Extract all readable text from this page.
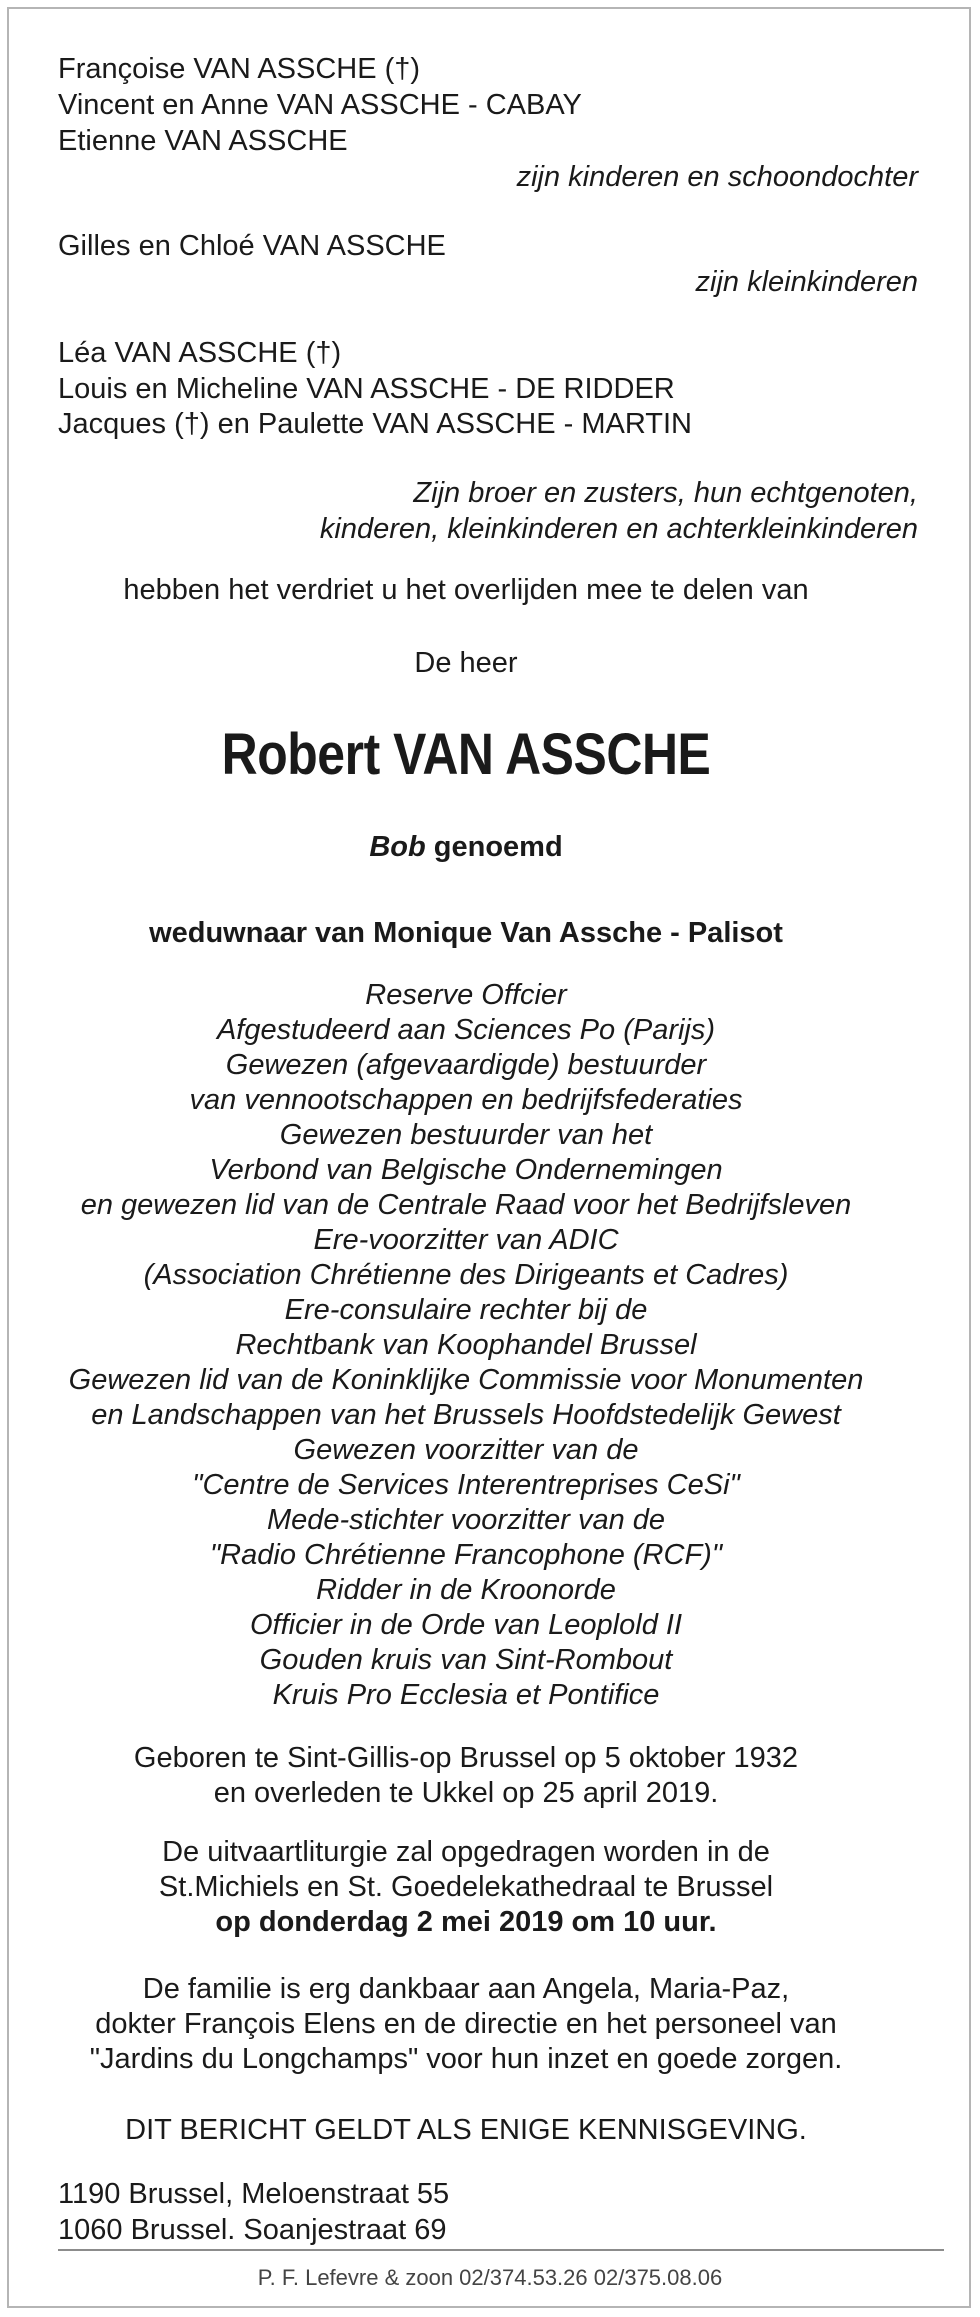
Françoise VAN ASSCHE (†)
Vincent en Anne VAN ASSCHE - CABAY
Etienne VAN ASSCHE
zijn kinderen en schoondochter
Gilles en Chloé VAN ASSCHE
zijn kleinkinderen
Léa VAN ASSCHE (†)
Louis en Micheline VAN ASSCHE - DE RIDDER
Jacques (†) en Paulette VAN ASSCHE - MARTIN
Zijn broer en zusters, hun echtgenoten,
kinderen, kleinkinderen en achterkleinkinderen
hebben het verdriet u het overlijden mee te delen van
De heer
Robert VAN ASSCHE
Bob genoemd
weduwnaar van Monique Van Assche - Palisot
Reserve Offcier
Afgestudeerd aan Sciences Po (Parijs)
Gewezen (afgevaardigde) bestuurder
van vennootschappen en bedrijfsfederaties
Gewezen bestuurder van het
Verbond van Belgische Ondernemingen
en gewezen lid van de Centrale Raad voor het Bedrijfsleven
Ere-voorzitter van ADIC
(Association Chrétienne des Dirigeants et Cadres)
Ere-consulaire rechter bij de
Rechtbank van Koophandel Brussel
Gewezen lid van de Koninklijke Commissie voor Monumenten
en Landschappen van het Brussels Hoofdstedelijk Gewest
Gewezen voorzitter van de
"Centre de Services Interentreprises CeSi"
Mede-stichter voorzitter van de
"Radio Chrétienne Francophone (RCF)"
Ridder in de Kroonorde
Officier in de Orde van Leoplold II
Gouden kruis van Sint-Rombout
Kruis Pro Ecclesia et Pontifice
Geboren te Sint-Gillis-op Brussel op 5 oktober 1932
en overleden te Ukkel op 25 april 2019.
De uitvaartliturgie zal opgedragen worden in de
St.Michiels en St. Goedelekathedraal te Brussel
op donderdag 2 mei 2019 om 10 uur.
De familie is erg dankbaar aan Angela, Maria-Paz,
dokter François Elens en de directie en het personeel van
"Jardins du Longchamps" voor hun inzet en goede zorgen.
DIT BERICHT GELDT ALS ENIGE KENNISGEVING.
1190 Brussel, Meloenstraat 55
1060 Brussel. Soanjestraat 69
P. F. Lefevre & zoon 02/374.53.26 02/375.08.06
